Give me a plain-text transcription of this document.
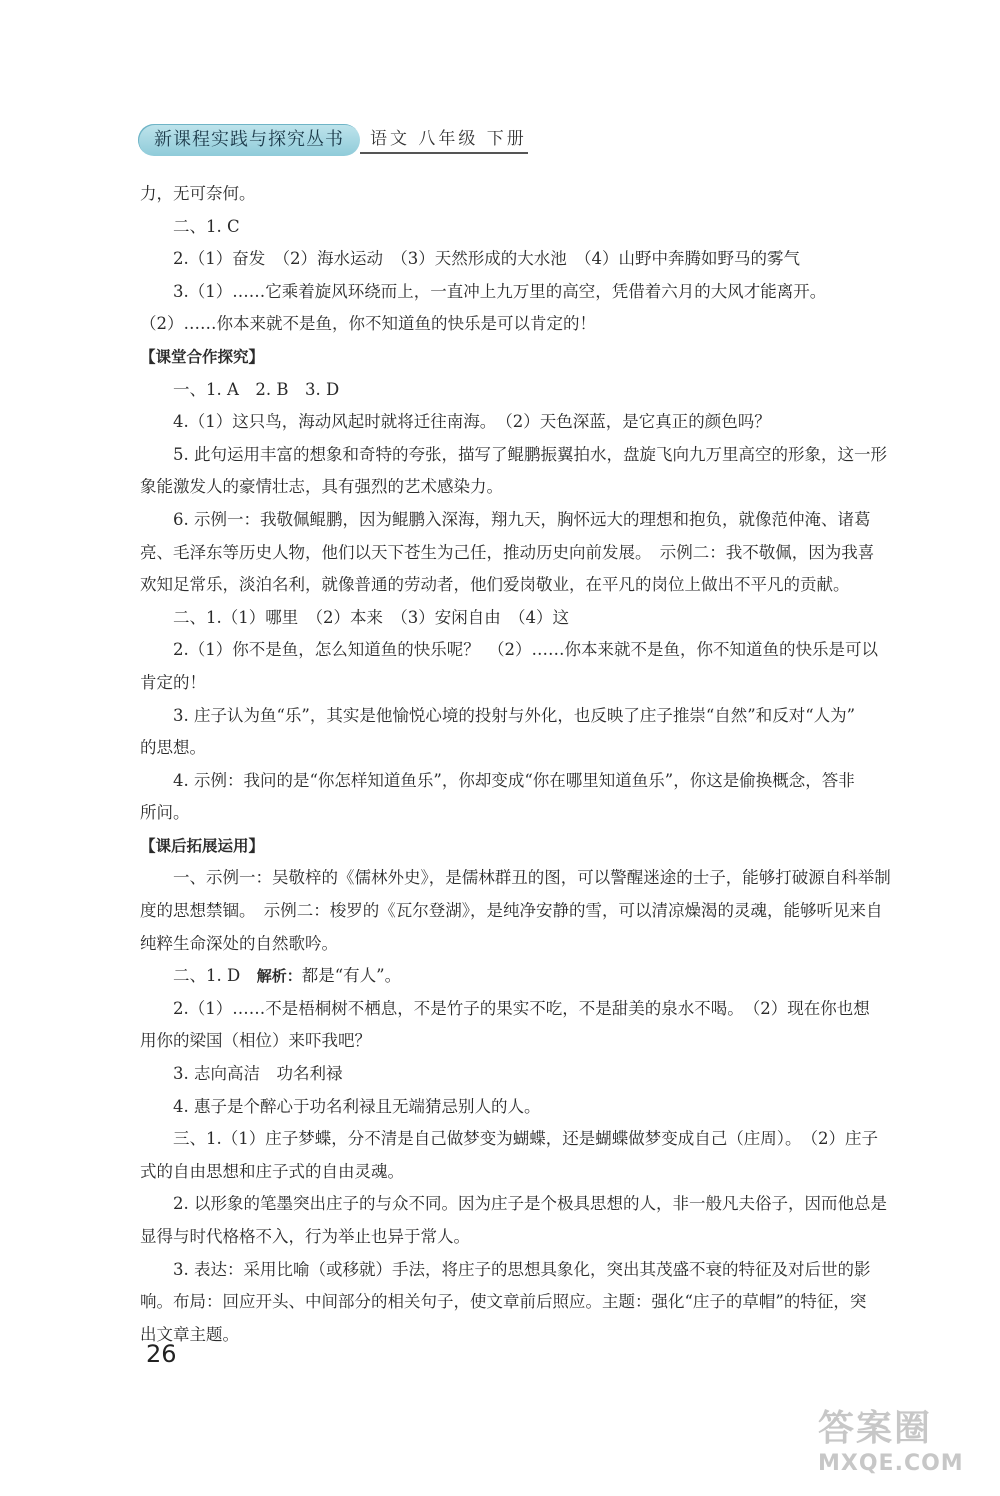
新课程实践与探究丛书	语文 八年级 下册
力，无可奈何。
二、1. C
2.（1）奋发　（2）海水运动　（3）天然形成的大水池　（4）山野中奔腾如野马的雾气
3.（1）……它乘着旋风环绕而上，一直冲上九万里的高空，凭借着六月的大风才能离开。
（2）……你本来就不是鱼，你不知道鱼的快乐是可以肯定的！
【课堂合作探究】
一、1. A　2. B　3. D
4.（1）这只鸟，海动风起时就将迁往南海。　（2）天色深蓝，是它真正的颜色吗？
5. 此句运用丰富的想象和奇特的夸张，描写了鲲鹏振翼拍水，盘旋飞向九万里高空的形象，这一形
象能激发人的豪情壮志，具有强烈的艺术感染力。
6. 示例一：我敬佩鲲鹏，因为鲲鹏入深海，翔九天，胸怀远大的理想和抱负，就像范仲淹、诸葛
亮、毛泽东等历史人物，他们以天下苍生为己任，推动历史向前发展。　示例二：我不敬佩，因为我喜
欢知足常乐，淡泊名利，就像普通的劳动者，他们爱岗敬业，在平凡的岗位上做出不平凡的贡献。
二、1.（1）哪里　（2）本来　（3）安闲自由　（4）这
2.（1）你不是鱼，怎么知道鱼的快乐呢？　（2）……你本来就不是鱼，你不知道鱼的快乐是可以
肯定的！
3. 庄子认为鱼“乐”，其实是他愉悦心境的投射与外化，也反映了庄子推崇“自然”和反对“人为”
的思想。
4. 示例：我问的是“你怎样知道鱼乐”，你却变成“你在哪里知道鱼乐”，你这是偷换概念，答非
所问。
【课后拓展运用】
一、示例一：吴敬梓的《儒林外史》，是儒林群丑的图，可以警醒迷途的士子，能够打破源自科举制
度的思想禁锢。　示例二：梭罗的《瓦尔登湖》，是纯净安静的雪，可以清凉燥渴的灵魂，能够听见来自
纯粹生命深处的自然歌吟。
二、1. D　解析：都是“有人”。
2.（1）……不是梧桐树不栖息，不是竹子的果实不吃，不是甜美的泉水不喝。　（2）现在你也想
用你的梁国（相位）来吓我吧？
3. 志向高洁　功名利禄
4. 惠子是个醉心于功名利禄且无端猜忌别人的人。
三、1.（1）庄子梦蝶，分不清是自己做梦变为蝴蝶，还是蝴蝶做梦变成自己（庄周）。　（2）庄子
式的自由思想和庄子式的自由灵魂。
2. 以形象的笔墨突出庄子的与众不同。因为庄子是个极具思想的人，非一般凡夫俗子，因而他总是
显得与时代格格不入，行为举止也异于常人。
3. 表达：采用比喻（或移就）手法，将庄子的思想具象化，突出其茂盛不衰的特征及对后世的影
响。布局：回应开头、中间部分的相关句子，使文章前后照应。主题：强化“庄子的草帽”的特征，突
出文章主题。
26
答案圈
MXQE.COM
